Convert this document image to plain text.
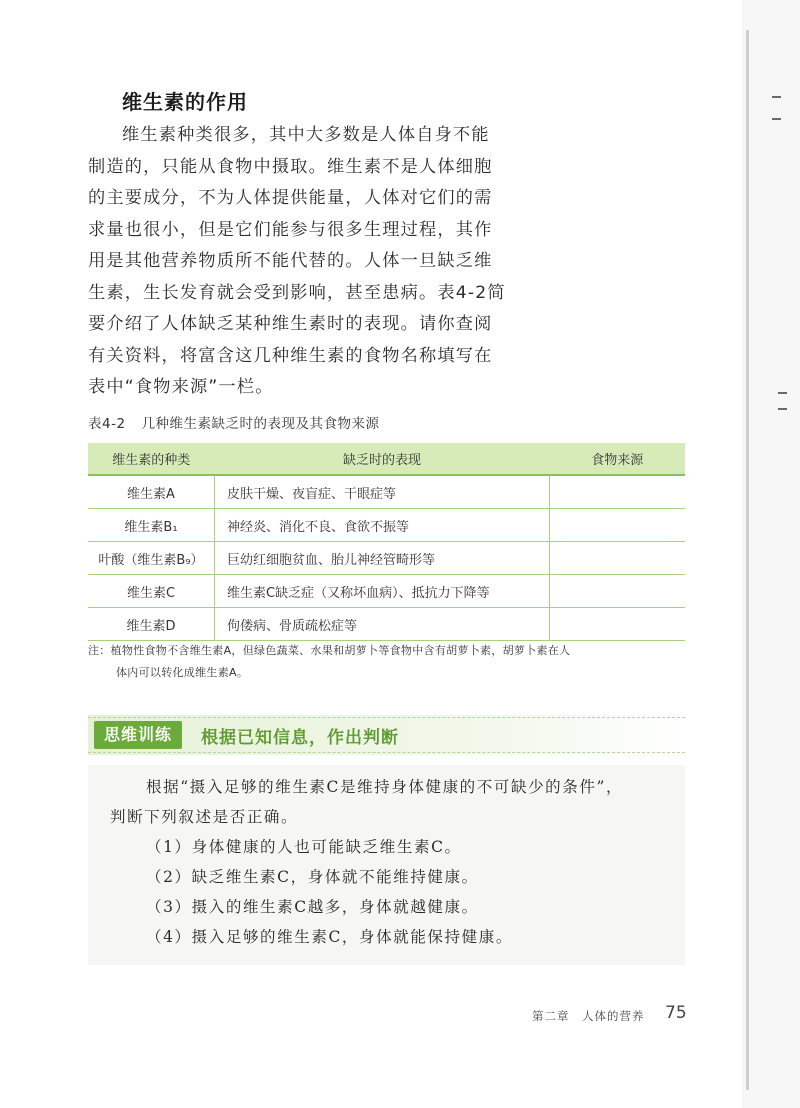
维生素的作用

维生素种类很多，其中大多数是人体自身不能制造的，只能从食物中摄取。维生素不是人体细胞的主要成分，不为人体提供能量，人体对它们的需求量也很小，但是它们能参与很多生理过程，其作用是其他营养物质所不能代替的。人体一旦缺乏维生素，生长发育就会受到影响，甚至患病。表4-2简要介绍了人体缺乏某种维生素时的表现。请你查阅有关资料，将富含这几种维生素的食物名称填写在表中“食物来源”一栏。

表4-2 几种维生素缺乏时的表现及其食物来源
维生素的种类	缺乏时的表现	食物来源
维生素A	皮肤干燥、夜盲症、干眼症等	
维生素B₁	神经炎、消化不良、食欲不振等	
叶酸（维生素B₉）	巨幼红细胞贫血、胎儿神经管畸形等	
维生素C	维生素C缺乏症（又称坏血病）、抵抗力下降等	
维生素D	佝偻病、骨质疏松症等	
注：植物性食物不含维生素A，但绿色蔬菜、水果和胡萝卜等食物中含有胡萝卜素，胡萝卜素在人
体内可以转化成维生素A。
思维训练	根据已知信息，作出判断
根据“摄入足够的维生素C是维持身体健康的不可缺少的条件”，
判断下列叙述是否正确。
（1）身体健康的人也可能缺乏维生素C。
（2）缺乏维生素C，身体就不能维持健康。
（3）摄入的维生素C越多，身体就越健康。
（4）摄入足够的维生素C，身体就能保持健康。
第二章　人体的营养 75
